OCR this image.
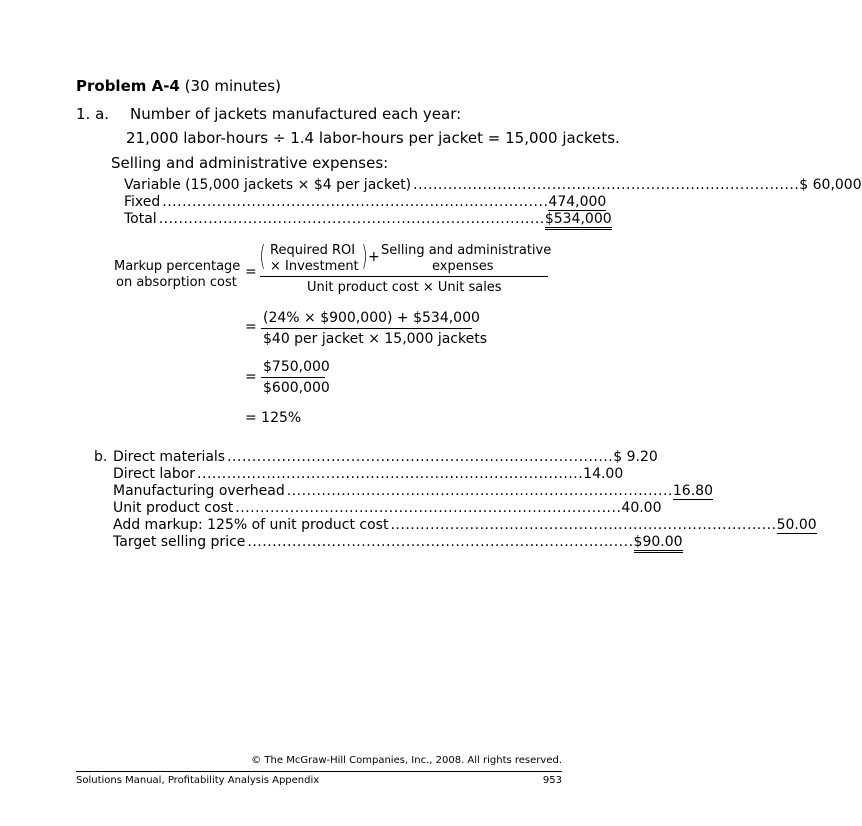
Problem A-4 (30 minutes)
1. a. Number of jackets manufactured each year:
21,000 labor-hours ÷ 1.4 labor-hours per jacket = 15,000 jackets.
Selling and administrative expenses:
Variable (15,000 jackets × $4 per jacket) .............................................................................. $ 60,000
Fixed .............................................................................. 474,000
Total .............................................................................. $534,000
Markup percentage
on absorption cost
= ( Required ROI
× Investment ) + Selling and administrative
expenses
Unit product cost × Unit sales
=
(24% × $900,000) + $534,000
$40 per jacket × 15,000 jackets
=
$750,000
$600,000
= 125%
b. Direct materials .............................................................................. $ 9.20
Direct labor .............................................................................. 14.00
Manufacturing overhead .............................................................................. 16.80
Unit product cost .............................................................................. 40.00
Add markup: 125% of unit product cost .............................................................................. 50.00
Target selling price .............................................................................. $90.00
© The McGraw-Hill Companies, Inc., 2008. All rights reserved.
Solutions Manual, Profitability Analysis Appendix	953
